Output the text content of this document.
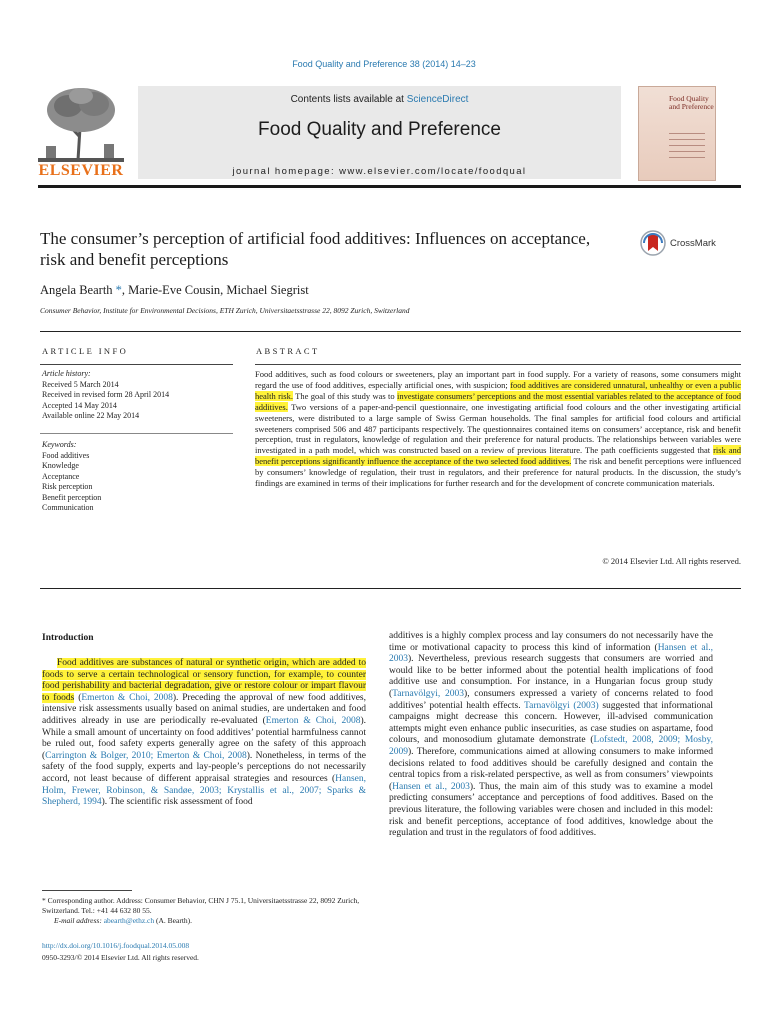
Food Quality and Preference 38 (2014) 14–23
ELSEVIER
Contents lists available at ScienceDirect
Food Quality and Preference
journal homepage: www.elsevier.com/locate/foodqual
Food Quality and Preference
The consumer’s perception of artificial food additives: Influences on acceptance, risk and benefit perceptions
CrossMark
Angela Bearth *, Marie-Eve Cousin, Michael Siegrist
Consumer Behavior, Institute for Environmental Decisions, ETH Zurich, Universitaetsstrasse 22, 8092 Zurich, Switzerland
ARTICLE INFO	ABSTRACT
Article history:
Received 5 March 2014
Received in revised form 28 April 2014
Accepted 14 May 2014
Available online 22 May 2014
Keywords:
Food additives
Knowledge
Acceptance
Risk perception
Benefit perception
Communication
Food additives, such as food colours or sweeteners, play an important part in food supply. For a variety of reasons, some consumers might regard the use of food additives, especially artificial ones, with suspicion; food additives are considered unnatural, unhealthy or even a public health risk. The goal of this study was to investigate consumers’ perceptions and the most essential variables related to the acceptance of food additives. Two versions of a paper-and-pencil questionnaire, one investigating artificial food colours and the other investigating artificial sweeteners, were distributed to a large sample of Swiss German households. The final samples for artificial food colours and artificial sweeteners comprised 506 and 487 participants respectively. The questionnaires contained items on consumers’ acceptance, risk and benefit perception, trust in regulators, knowledge of regulation and their preference for natural products. The relationships between variables were investigated in a path model, which was constructed based on a review of previous literature. The path coefficients suggested that risk and benefit perceptions significantly influence the acceptance of the two selected food additives. The risk and benefit perceptions were influenced by consumers’ knowledge of regulation, their trust in regulators, and their preference for natural products. In the discussion, the study’s findings are examined in terms of their implications for further research and for the development of concrete communication materials.
© 2014 Elsevier Ltd. All rights reserved.
Introduction

Food additives are substances of natural or synthetic origin, which are added to foods to serve a certain technological or sensory function, for example, to counter food perishability and bacterial degradation, give or restore colour or impart flavour to foods (Emerton & Choi, 2008). Preceding the approval of new food additives, intensive risk assessments usually based on animal studies, are undertaken and food additives already in use are periodically re-evaluated (Emerton & Choi, 2008). While a small amount of uncertainty on food additives’ potential harmfulness cannot be ruled out, food safety experts generally agree on the safety of this approach (Carrington & Bolger, 2010; Emerton & Choi, 2008). Nonetheless, in terms of the safety of the food supply, experts and lay-people’s perceptions do not necessarily accord, not least because of different appraisal strategies and resources (Hansen, Holm, Frewer, Robinson, & Sandøe, 2003; Krystallis et al., 2007; Sparks & Shepherd, 1994). The scientific risk assessment of food

additives is a highly complex process and lay consumers do not necessarily have the time or motivational capacity to process this kind of information (Hansen et al., 2003). Nevertheless, previous research suggests that consumers are worried and would like to be better informed about the potential health implications of food additive use and consumption. For instance, in a Hungarian focus group study (Tarnavölgyi, 2003), consumers expressed a variety of concerns related to food additives’ potential health effects. Tarnavölgyi (2003) suggested that informational campaigns might decrease this concern. However, ill-advised communication attempts might even enhance public insecurities, as case studies on aspartame, food colours, and monosodium glutamate demonstrate (Lofstedt, 2008, 2009; Mosby, 2009). Therefore, communications aimed at allowing consumers to make informed decisions related to food additives should be carefully designed and contain the central topics from a risk-related perspective, as well as from consumers’ viewpoints (Hansen et al., 2003). Thus, the main aim of this study was to examine a model predicting consumers’ acceptance and perceptions of food additives. Based on the previous literature, the following variables were chosen and included in this model: risk and benefit perceptions, acceptance of food additives, knowledge about the regulation and trust in the regulators of food additives.

* Corresponding author. Address: Consumer Behavior, CHN J 75.1, Universitaetsstrasse 22, 8092 Zurich, Switzerland. Tel.: +41 44 632 80 55.

E-mail address: abearth@ethz.ch (A. Bearth).

http://dx.doi.org/10.1016/j.foodqual.2014.05.008
0950-3293/© 2014 Elsevier Ltd. All rights reserved.
